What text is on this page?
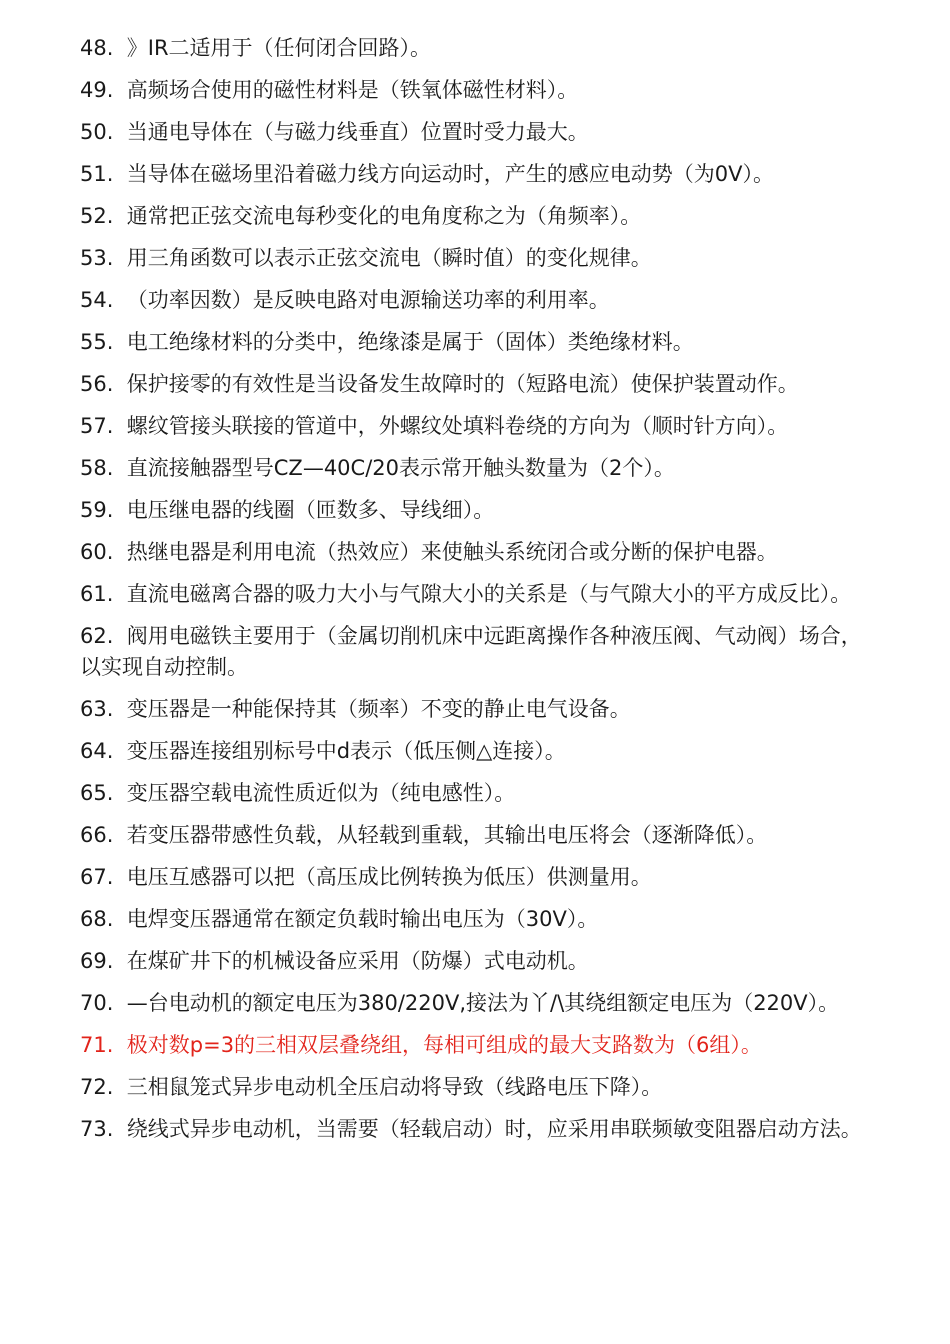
48. 》IR二适用于（任何闭合回路）。

49. 高频场合使用的磁性材料是（铁氧体磁性材料）。

50. 当通电导体在（与磁力线垂直）位置时受力最大。

51. 当导体在磁场里沿着磁力线方向运动时，产生的感应电动势（为0V）。

52. 通常把正弦交流电每秒变化的电角度称之为（角频率）。

53. 用三角函数可以表示正弦交流电（瞬时值）的变化规律。

54. （功率因数）是反映电路对电源输送功率的利用率。

55. 电工绝缘材料的分类中，绝缘漆是属于（固体）类绝缘材料。

56. 保护接零的有效性是当设备发生故障时的（短路电流）使保护装置动作。

57. 螺纹管接头联接的管道中，外螺纹处填料卷绕的方向为（顺时针方向）。

58. 直流接触器型号CZ—40C/20表示常开触头数量为（2个）。

59. 电压继电器的线圈（匝数多、导线细）。

60. 热继电器是利用电流（热效应）来使触头系统闭合或分断的保护电器。

61. 直流电磁离合器的吸力大小与气隙大小的关系是（与气隙大小的平方成反比）。

62. 阀用电磁铁主要用于（金属切削机床中远距离操作各种液压阀、气动阀）场合，以实现自动控制。

63. 变压器是一种能保持其（频率）不变的静止电气设备。

64. 变压器连接组别标号中d表示（低压侧△连接）。

65. 变压器空载电流性质近似为（纯电感性）。

66. 若变压器带感性负载，从轻载到重载，其输出电压将会（逐渐降低）。

67. 电压互感器可以把（高压成比例转换为低压）供测量用。

68. 电焊变压器通常在额定负载时输出电压为（30V）。

69. 在煤矿井下的机械设备应采用（防爆）式电动机。

70. —台电动机的额定电压为380/220V,接法为丫/\其绕组额定电压为（220V）。

71. 极对数p=3的三相双层叠绕组，每相可组成的最大支路数为（6组）。

72. 三相鼠笼式异步电动机全压启动将导致（线路电压下降）。

73. 绕线式异步电动机，当需要（轻载启动）时，应采用串联频敏变阻器启动方法。
